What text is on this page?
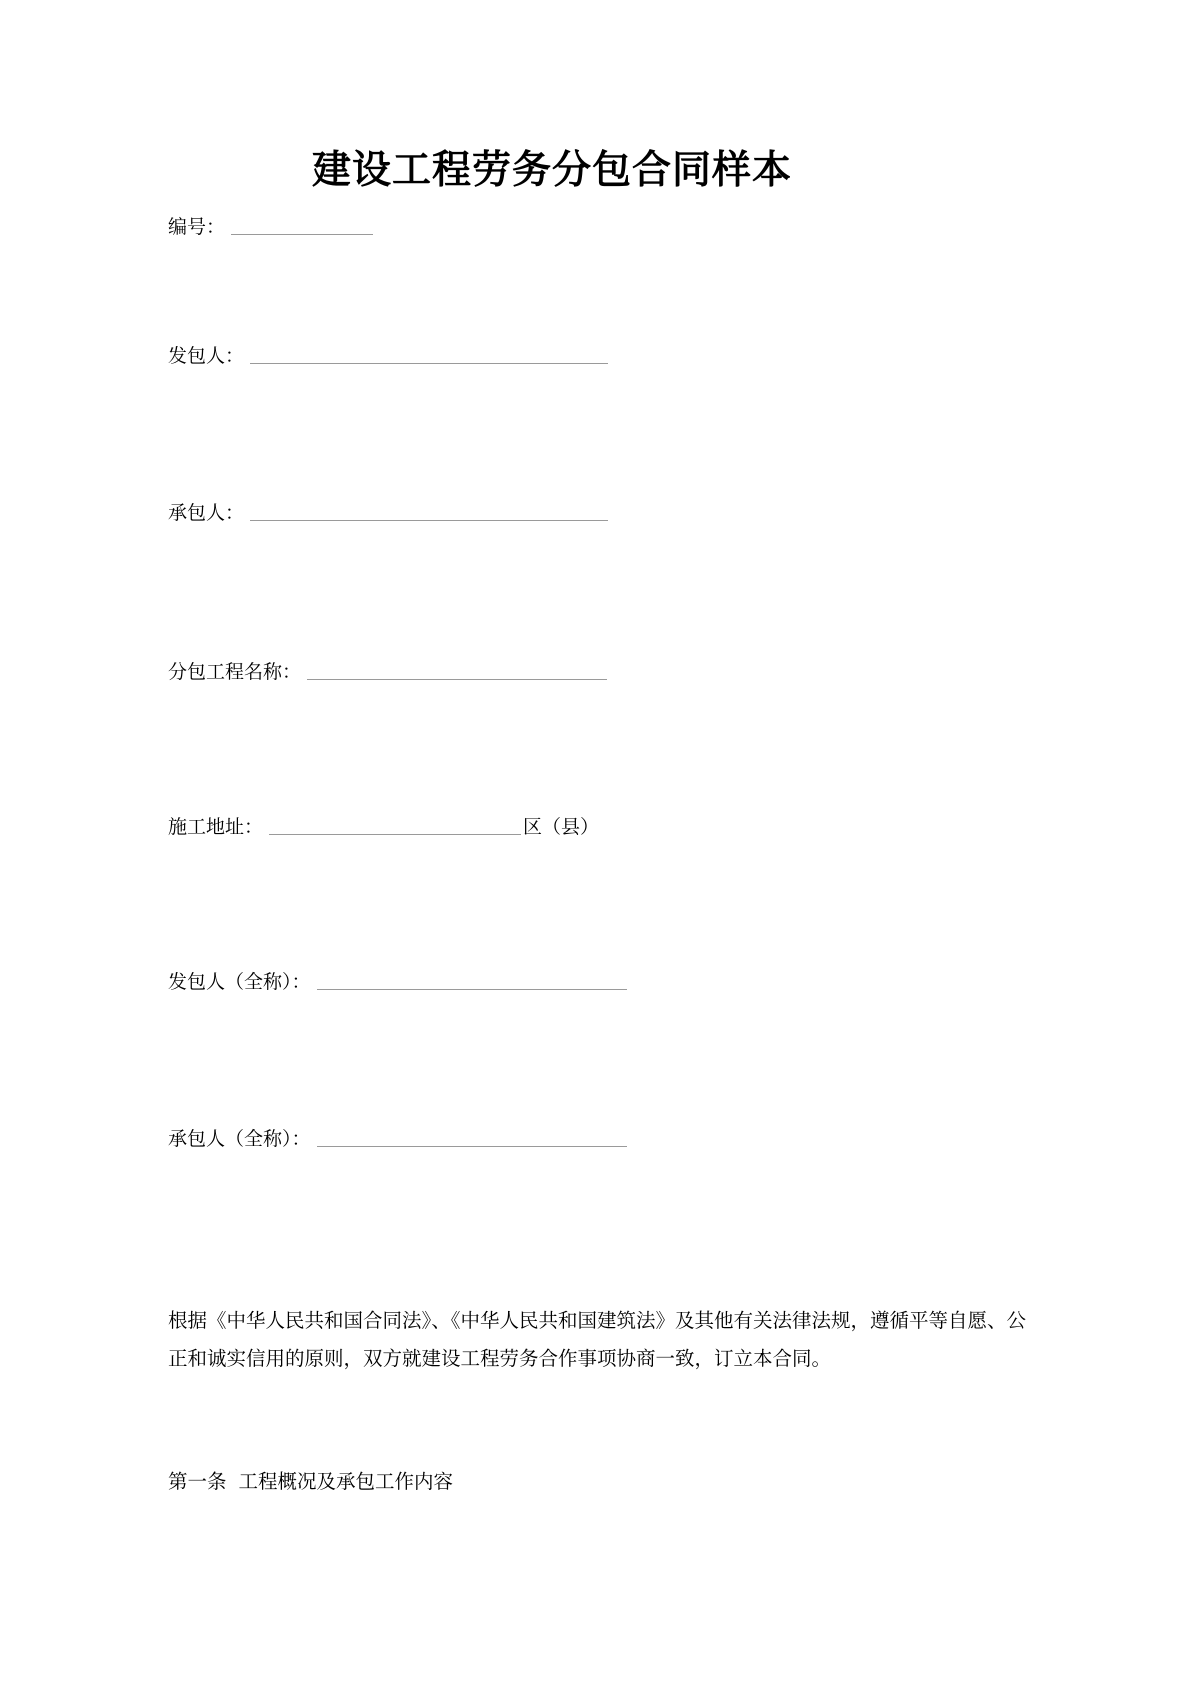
建设工程劳务分包合同样本
编号：
发包人：
承包人：
分包工程名称：
施工地址：	区（县）
发包人（全称）：
承包人（全称）：

根据《中华人民共和国合同法》、《中华人民共和国建筑法》及其他有关法律法规，遵循平等自愿、公正和诚实信用的原则，双方就建设工程劳务合作事项协商一致，订立本合同。

第一条 工程概况及承包工作内容
